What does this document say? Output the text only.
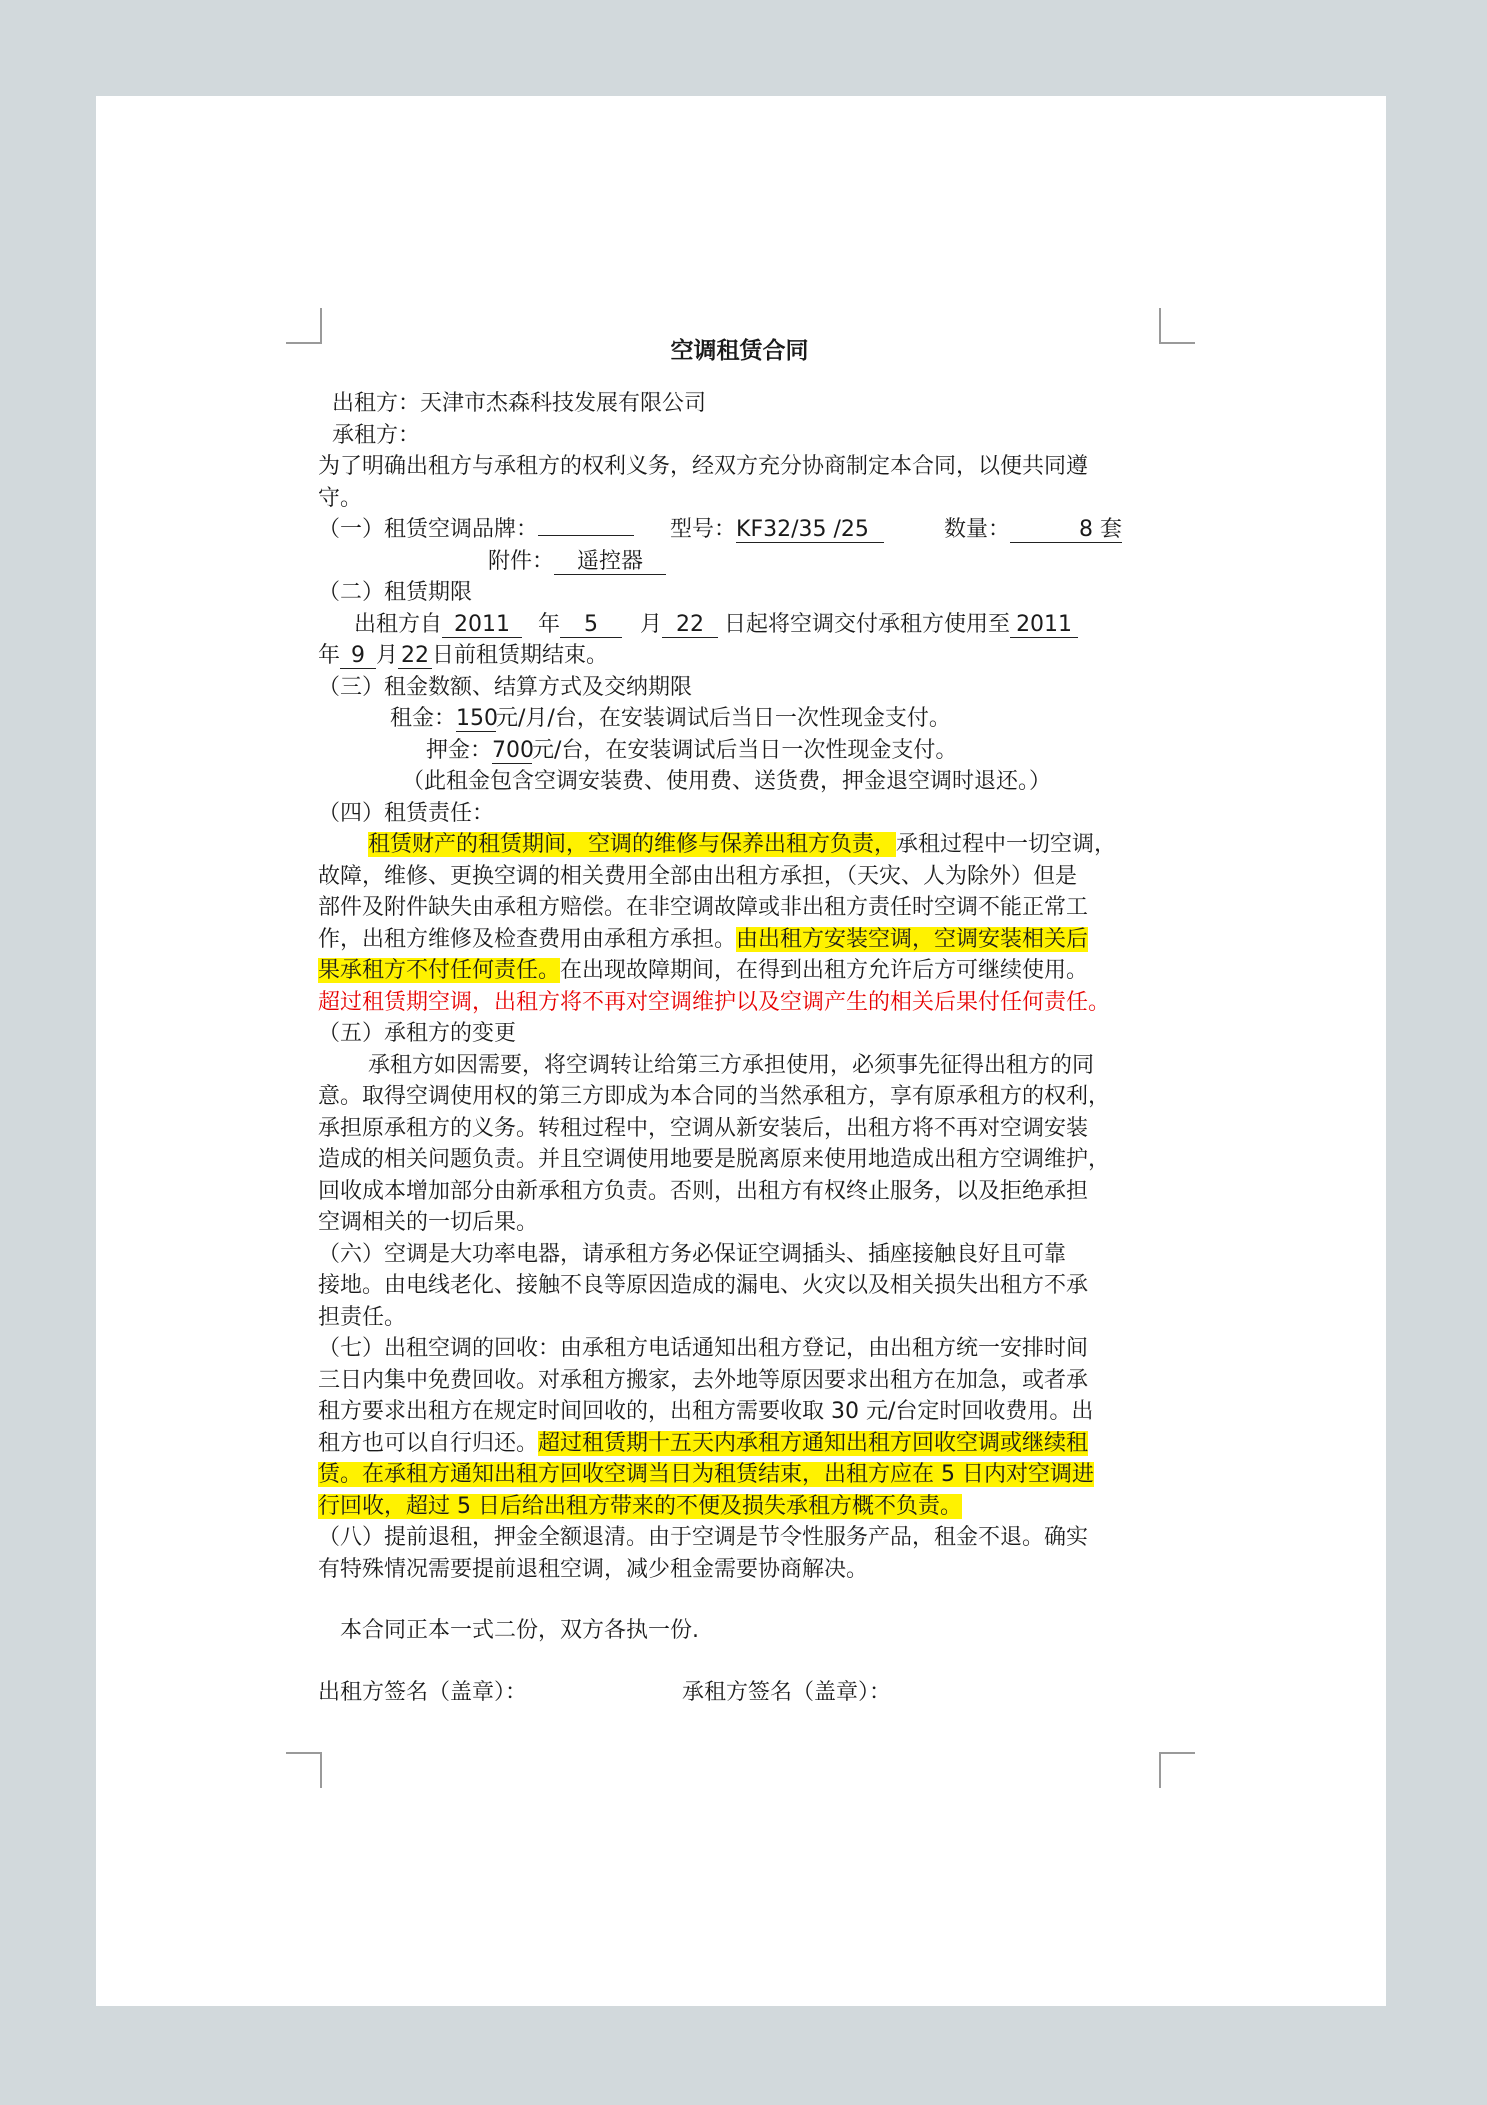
空调租赁合同
出租方：天津市杰森科技发展有限公司
承租方：
为了明确出租方与承租方的权利义务，经双方充分协商制定本合同，以便共同遵
守。
（一）租赁空调品牌：	型号：KF32/35 /25	数量：	8 套
附件： 遥控器
（二）租赁期限
出租方自 2011 年 5 月 22 日起将空调交付承租方使用至 2011
年 9 月 22 日前租赁期结束。
（三）租金数额、结算方式及交纳期限
租金：150元/月/台，在安装调试后当日一次性现金支付。
押金：700元/台，在安装调试后当日一次性现金支付。
（此租金包含空调安装费、使用费、送货费，押金退空调时退还。）
（四）租赁责任：
租赁财产的租赁期间，空调的维修与保养出租方负责，承租过程中一切空调，
故障，维修、更换空调的相关费用全部由出租方承担，（天灾、人为除外）但是
部件及附件缺失由承租方赔偿。在非空调故障或非出租方责任时空调不能正常工
作，出租方维修及检查费用由承租方承担。由出租方安装空调，空调安装相关后
果承租方不付任何责任。在出现故障期间，在得到出租方允许后方可继续使用。
超过租赁期空调，出租方将不再对空调维护以及空调产生的相关后果付任何责任。
（五）承租方的变更
承租方如因需要，将空调转让给第三方承担使用，必须事先征得出租方的同
意。取得空调使用权的第三方即成为本合同的当然承租方，享有原承租方的权利，
承担原承租方的义务。转租过程中，空调从新安装后，出租方将不再对空调安装
造成的相关问题负责。并且空调使用地要是脱离原来使用地造成出租方空调维护，
回收成本增加部分由新承租方负责。否则，出租方有权终止服务，以及拒绝承担
空调相关的一切后果。
（六）空调是大功率电器，请承租方务必保证空调插头、插座接触良好且可靠
接地。由电线老化、接触不良等原因造成的漏电、火灾以及相关损失出租方不承
担责任。
（七）出租空调的回收：由承租方电话通知出租方登记，由出租方统一安排时间
三日内集中免费回收。对承租方搬家，去外地等原因要求出租方在加急，或者承
租方要求出租方在规定时间回收的，出租方需要收取 30 元/台定时回收费用。出
租方也可以自行归还。超过租赁期十五天内承租方通知出租方回收空调或继续租
赁。在承租方通知出租方回收空调当日为租赁结束，出租方应在 5 日内对空调进
行回收，超过 5 日后给出租方带来的不便及损失承租方概不负责。
（八）提前退租，押金全额退清。由于空调是节令性服务产品，租金不退。确实
有特殊情况需要提前退租空调，减少租金需要协商解决。
本合同正本一式二份，双方各执一份.
出租方签名（盖章）：	承租方签名（盖章）：
